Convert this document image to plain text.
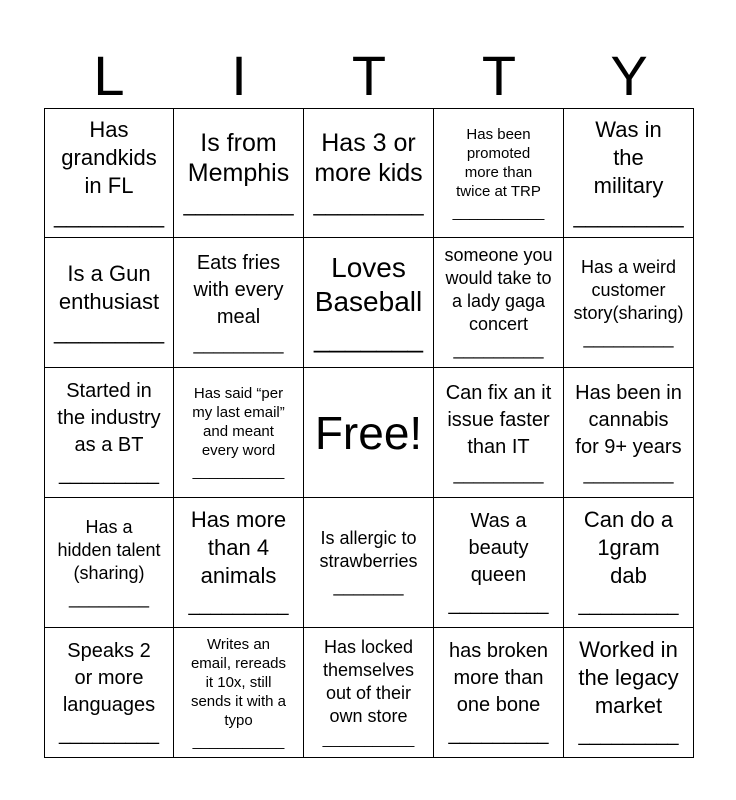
L	I	T	T	Y
Has
grandkids
in FL
_________
Is from
Memphis
_________
Has 3 or
more kids
_________
Has been
promoted
more than
twice at TRP
___________
Was in
the
military
_________
Is a Gun
enthusiast
_________
Eats fries
with every
meal
_________
Loves
Baseball
_______
someone you
would take to
a lady gaga
concert
_________
Has a weird
customer
story(sharing)
_________
Started in
the industry
as a BT
_________
Has said “per
my last email”
and meant
every word
___________
Free!
Can fix an it
issue faster
than IT
_________
Has been in
cannabis
for 9+ years
_________
Has a
hidden talent
(sharing)
________
Has more
than 4
animals
_________
Is allergic to
strawberries
_______
Was a
beauty
queen
_________
Can do a
1gram
dab
_________
Speaks 2
or more
languages
_________
Writes an
email, rereads
it 10x, still
sends it with a
typo
___________
Has locked
themselves
out of their
own store
___________
has broken
more than
one bone
_________
Worked in
the legacy
market
_________
